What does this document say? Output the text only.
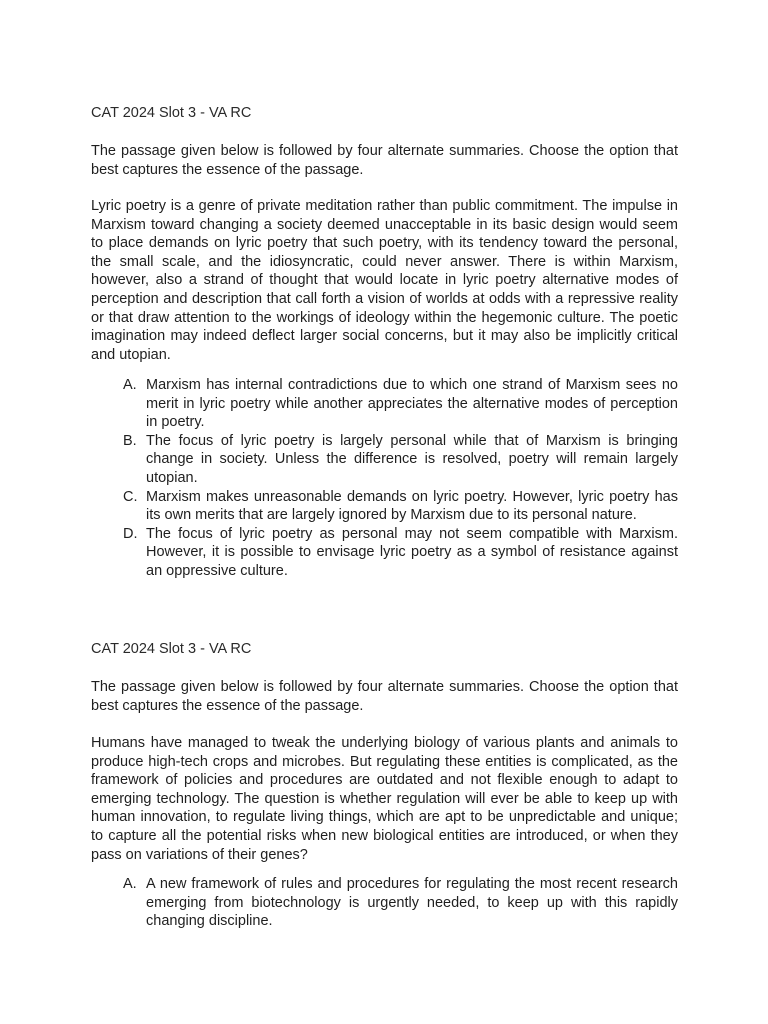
CAT 2024 Slot 3 - VA RC

The passage given below is followed by four alternate summaries. Choose the option that best captures the essence of the passage.

Lyric poetry is a genre of private meditation rather than public commitment. The impulse in Marxism toward changing a society deemed unacceptable in its basic design would seem to place demands on lyric poetry that such poetry, with its tendency toward the personal, the small scale, and the idiosyncratic, could never answer. There is within Marxism, however, also a strand of thought that would locate in lyric poetry alternative modes of perception and description that call forth a vision of worlds at odds with a repressive reality or that draw attention to the workings of ideology within the hegemonic culture. The poetic imagination may indeed deflect larger social concerns, but it may also be implicitly critical and utopian.

A. Marxism has internal contradictions due to which one strand of Marxism sees no merit in lyric poetry while another appreciates the alternative modes of perception in poetry.
B. The focus of lyric poetry is largely personal while that of Marxism is bringing change in society. Unless the difference is resolved, poetry will remain largely utopian.
C. Marxism makes unreasonable demands on lyric poetry. However, lyric poetry has its own merits that are largely ignored by Marxism due to its personal nature.
D. The focus of lyric poetry as personal may not seem compatible with Marxism. However, it is possible to envisage lyric poetry as a symbol of resistance against an oppressive culture.
CAT 2024 Slot 3 - VA RC

The passage given below is followed by four alternate summaries. Choose the option that best captures the essence of the passage.

Humans have managed to tweak the underlying biology of various plants and animals to produce high-tech crops and microbes. But regulating these entities is complicated, as the framework of policies and procedures are outdated and not flexible enough to adapt to emerging technology. The question is whether regulation will ever be able to keep up with human innovation, to regulate living things, which are apt to be unpredictable and unique; to capture all the potential risks when new biological entities are introduced, or when they pass on variations of their genes?

A. A new framework of rules and procedures for regulating the most recent research emerging from biotechnology is urgently needed, to keep up with this rapidly changing discipline.
